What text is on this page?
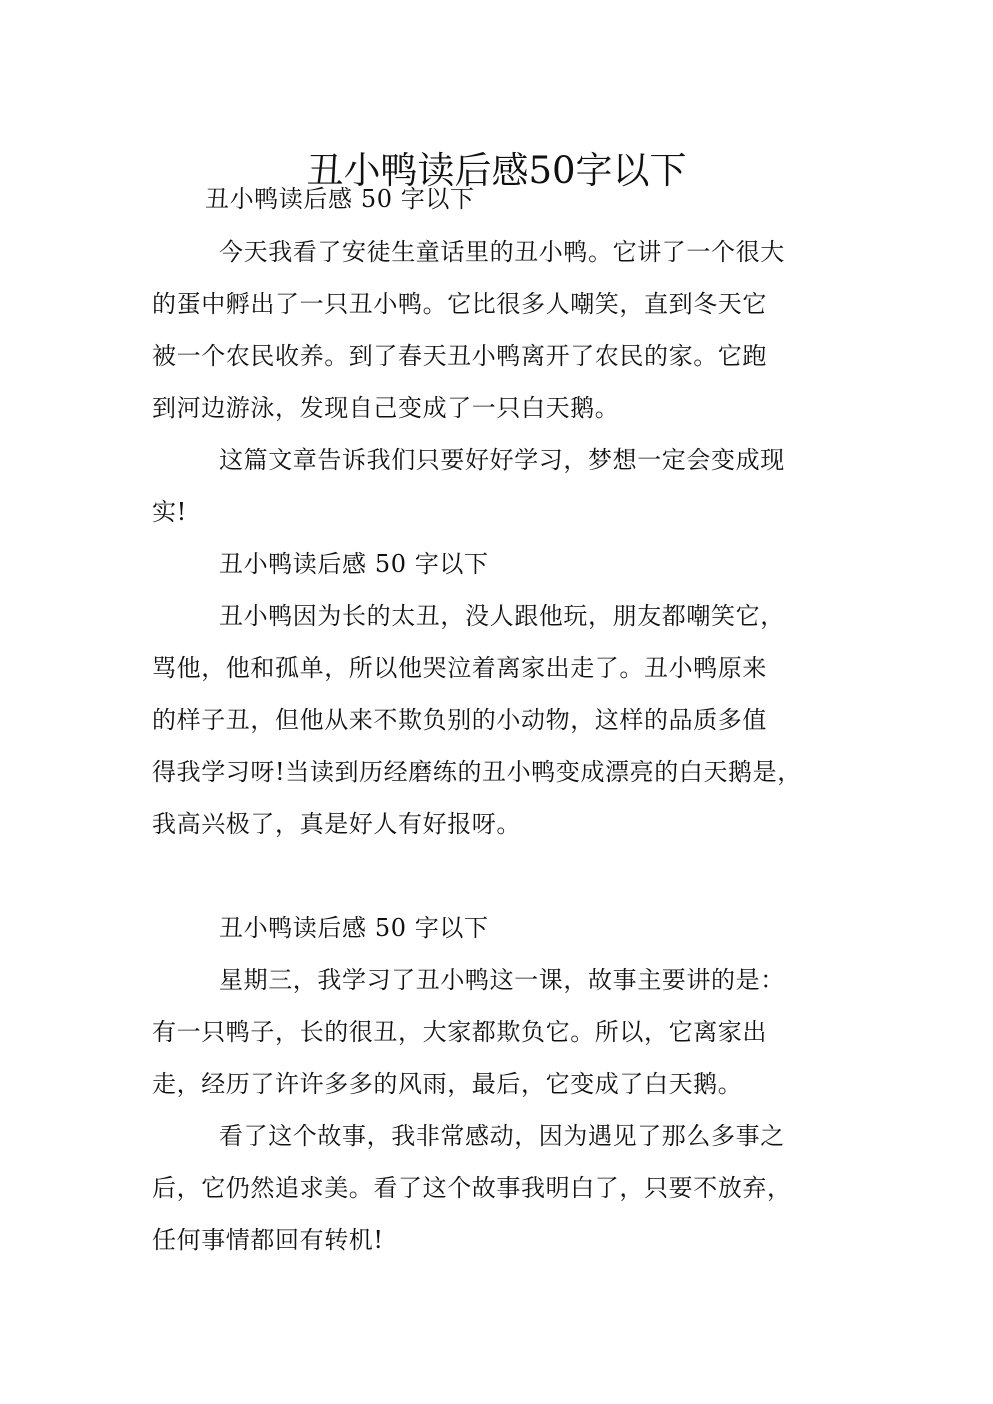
丑小鸭读后感50字以下
丑小鸭读后感 50 字以下
今天我看了安徒生童话里的丑小鸭。它讲了一个很大
的蛋中孵出了一只丑小鸭。它比很多人嘲笑，直到冬天它
被一个农民收养。到了春天丑小鸭离开了农民的家。它跑
到河边游泳，发现自己变成了一只白天鹅。
这篇文章告诉我们只要好好学习，梦想一定会变成现
实!
丑小鸭读后感 50 字以下
丑小鸭因为长的太丑，没人跟他玩，朋友都嘲笑它，
骂他，他和孤单，所以他哭泣着离家出走了。丑小鸭原来
的样子丑，但他从来不欺负别的小动物，这样的品质多值
得我学习呀!当读到历经磨练的丑小鸭变成漂亮的白天鹅是，
我高兴极了，真是好人有好报呀。
丑小鸭读后感 50 字以下
星期三，我学习了丑小鸭这一课，故事主要讲的是：
有一只鸭子，长的很丑，大家都欺负它。所以，它离家出
走，经历了许许多多的风雨，最后，它变成了白天鹅。
看了这个故事，我非常感动，因为遇见了那么多事之
后，它仍然追求美。看了这个故事我明白了，只要不放弃，
任何事情都回有转机!
